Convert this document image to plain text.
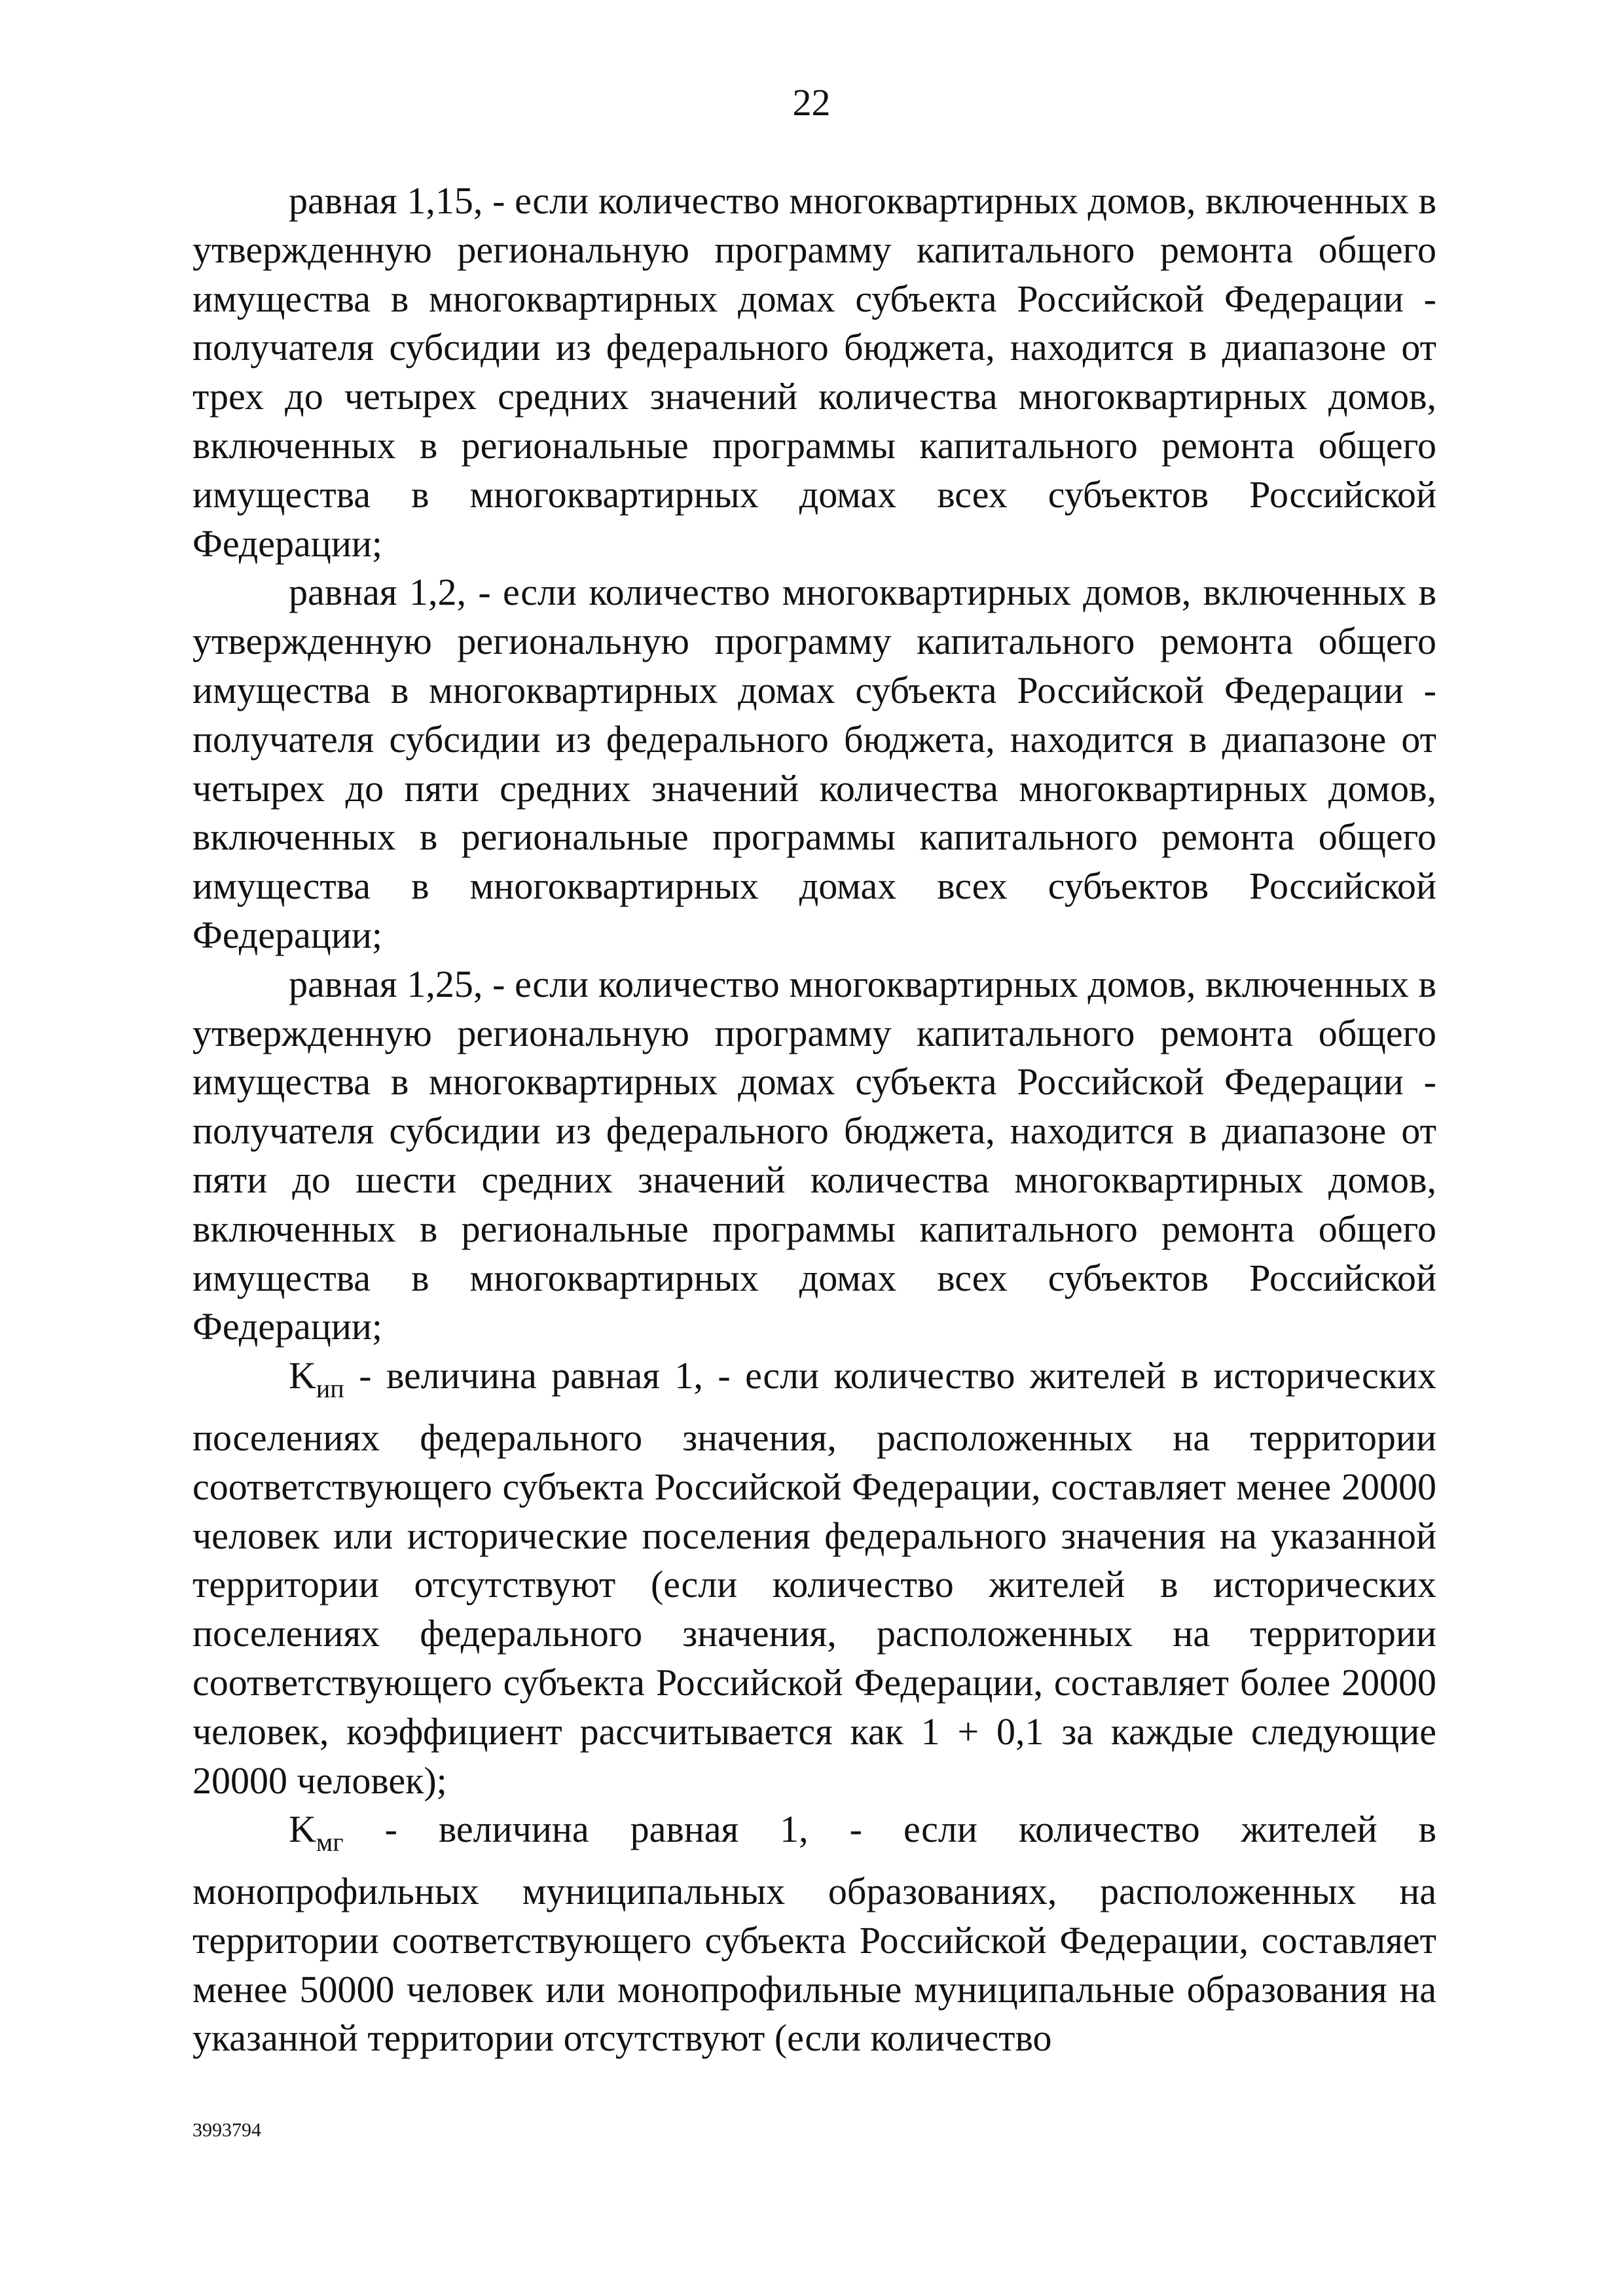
22

равная 1,15, - если количество многоквартирных домов, включенных в утвержденную региональную программу капитального ремонта общего имущества в многоквартирных домах субъекта Российской Федерации - получателя субсидии из федерального бюджета, находится в диапазоне от трех до четырех средних значений количества многоквартирных домов, включенных в региональные программы капитального ремонта общего имущества в многоквартирных домах всех субъектов Российской Федерации;

равная 1,2, - если количество многоквартирных домов, включенных в утвержденную региональную программу капитального ремонта общего имущества в многоквартирных домах субъекта Российской Федерации - получателя субсидии из федерального бюджета, находится в диапазоне от четырех до пяти средних значений количества многоквартирных домов, включенных в региональные программы капитального ремонта общего имущества в многоквартирных домах всех субъектов Российской Федерации;

равная 1,25, - если количество многоквартирных домов, включенных в утвержденную региональную программу капитального ремонта общего имущества в многоквартирных домах субъекта Российской Федерации - получателя субсидии из федерального бюджета, находится в диапазоне от пяти до шести средних значений количества многоквартирных домов, включенных в региональные программы капитального ремонта общего имущества в многоквартирных домах всех субъектов Российской Федерации;

$K_{ип}$ - величина равная 1, - если количество жителей в исторических поселениях федерального значения, расположенных на территории соответствующего субъекта Российской Федерации, составляет менее 20000 человек или исторические поселения федерального значения на указанной территории отсутствуют (если количество жителей в исторических поселениях федерального значения, расположенных на территории соответствующего субъекта Российской Федерации, составляет более 20000 человек, коэффициент рассчитывается как 1 + 0,1 за каждые следующие 20000 человек);

$K_{мг}$ - величина равная 1, - если количество жителей в монопрофильных муниципальных образованиях, расположенных на территории соответствующего субъекта Российской Федерации, составляет менее 50000 человек или монопрофильные муниципальные образования на указанной территории отсутствуют (если количество

3993794
